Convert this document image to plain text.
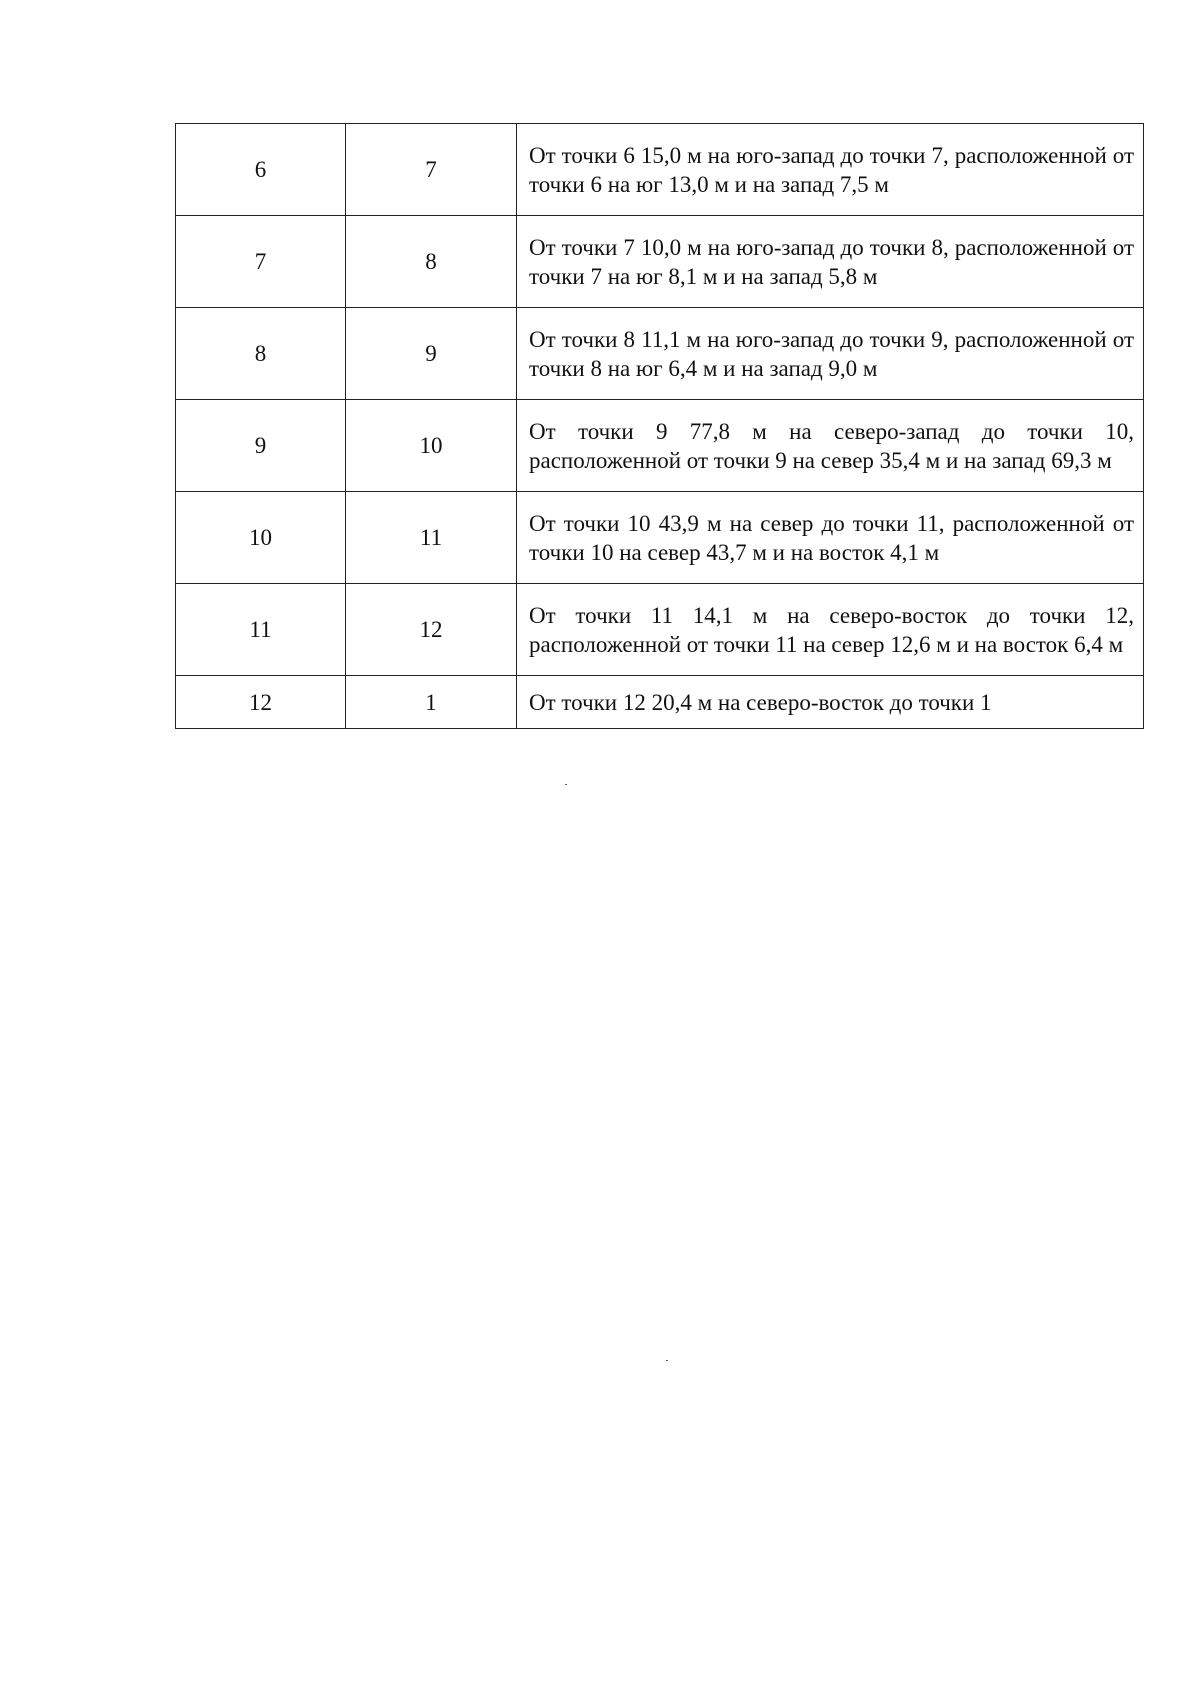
6	7	От точки 6 15,0 м на юго-запад до точки 7, расположенной от точки 6 на юг 13,0 м и на запад 7,5 м
7	8	От точки 7 10,0 м на юго-запад до точки 8, расположенной от точки 7 на юг 8,1 м и на запад 5,8 м
8	9	От точки 8 11,1 м на юго-запад до точки 9, расположенной от точки 8 на юг 6,4 м и на запад 9,0 м
9	10	От точки 9 77,8 м на северо-запад до точки 10, расположенной от точки 9 на север 35,4 м и на запад 69,3 м
10	11	От точки 10 43,9 м на север до точки 11, расположенной от точки 10 на север 43,7 м и на восток 4,1 м
11	12	От точки 11 14,1 м на северо-восток до точки 12, расположенной от точки 11 на север 12,6 м и на восток 6,4 м
12	1	От точки 12 20,4 м на северо-восток до точки 1
